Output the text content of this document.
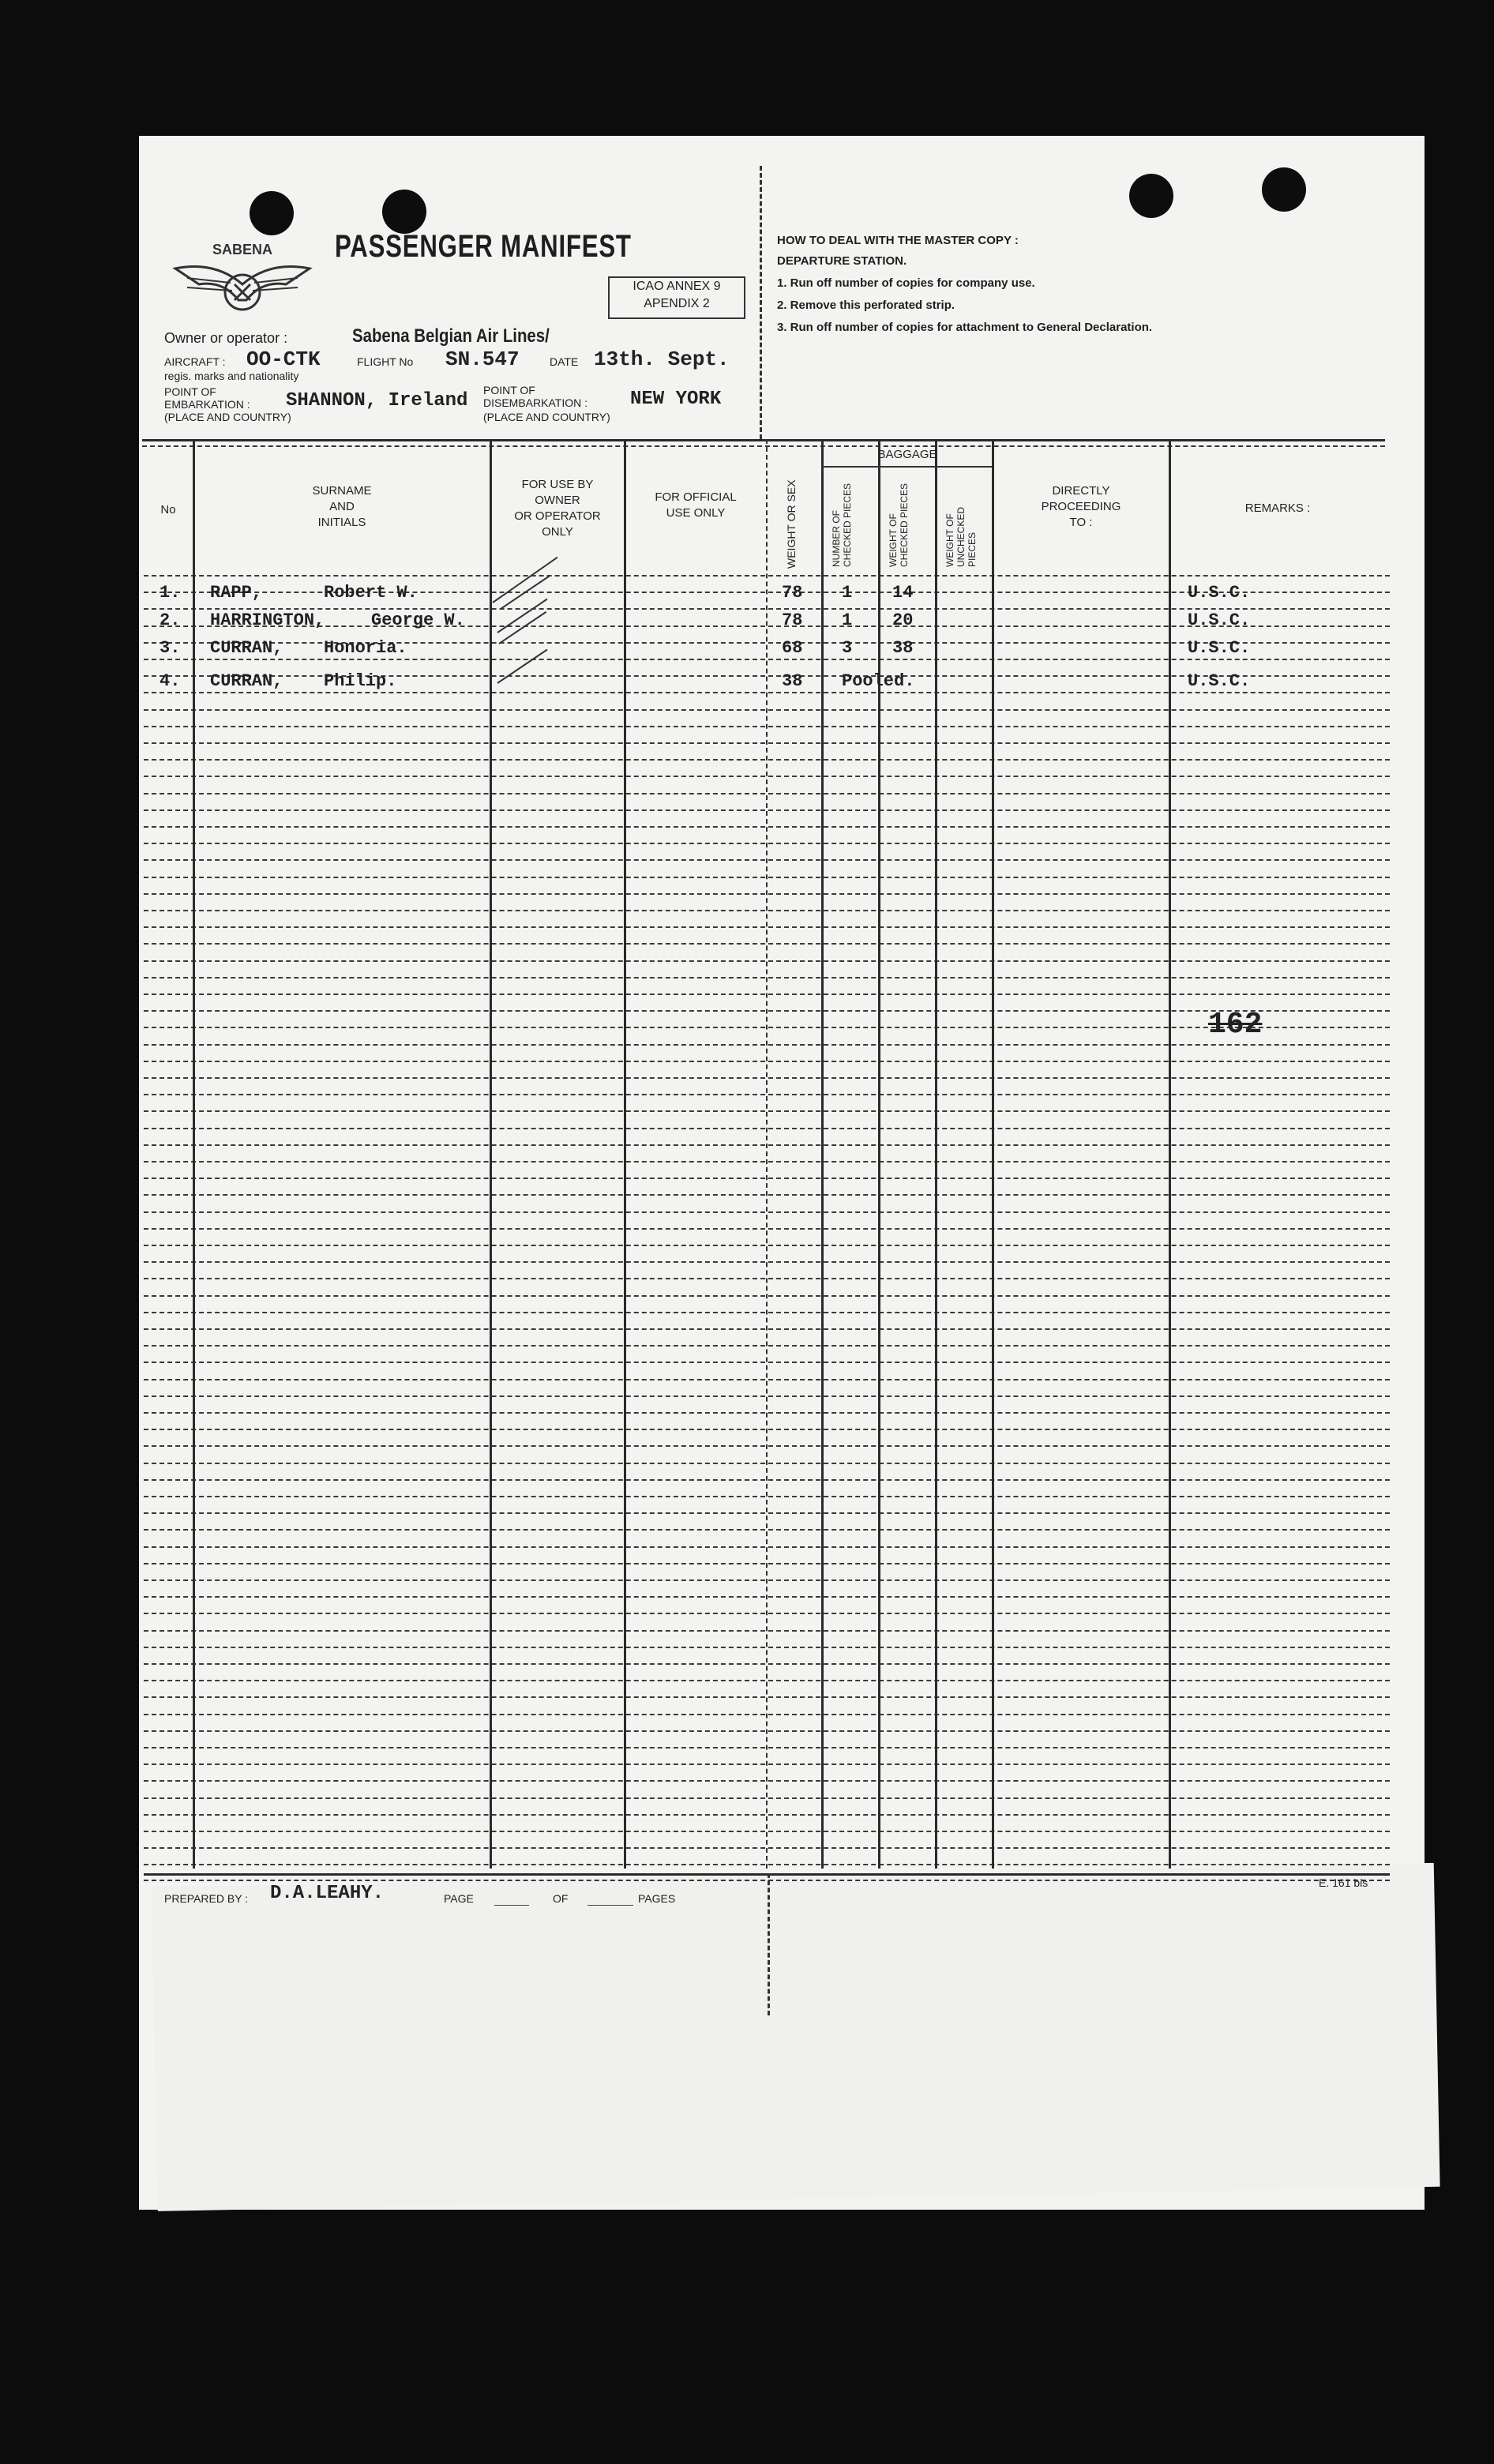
SABENA PASSENGER MANIFEST
ICAO ANNEX 9
APENDIX 2
Owner or operator :	Sabena Belgian Air Lines/
AIRCRAFT : OO-CTK	FLIGHT No SN.547	DATE 13th. Sept.
regis. marks and nationality
POINT OF
EMBARKATION : SHANNON, Ireland
(PLACE AND COUNTRY)
POINT OF
DISEMBARKATION : NEW YORK
(PLACE AND COUNTRY)
HOW TO DEAL WITH THE MASTER COPY :
DEPARTURE STATION.
1. Run off number of copies for company use.
2. Remove this perforated strip.
3. Run off number of copies for attachment to General Declaration.
No
SURNAME
AND
INITIALS
FOR USE BY
OWNER
OR OPERATOR
ONLY
FOR OFFICIAL
USE ONLY	WEIGHT OR SEX
BAGGAGE
NUMBER OF CHECKED PIECES	WEIGHT OF CHECKED PIECES	WEIGHT OF UNCHECKED PIECES
DIRECTLY
PROCEEDING
TO :
REMARKS :
1. RAPP,	Robert W.	78 1 14	U.S.C.
2. HARRINGTON,	George W.	78 1 20	U.S.C.
3. CURRAN, Honoria.	68 3 38	U.S.C.
4. CURRAN, Philip.	38 Pooled.	U.S.C.
162
PREPARED BY : D.A.LEAHY.	PAGE	OF	PAGES
E. 161 bis
